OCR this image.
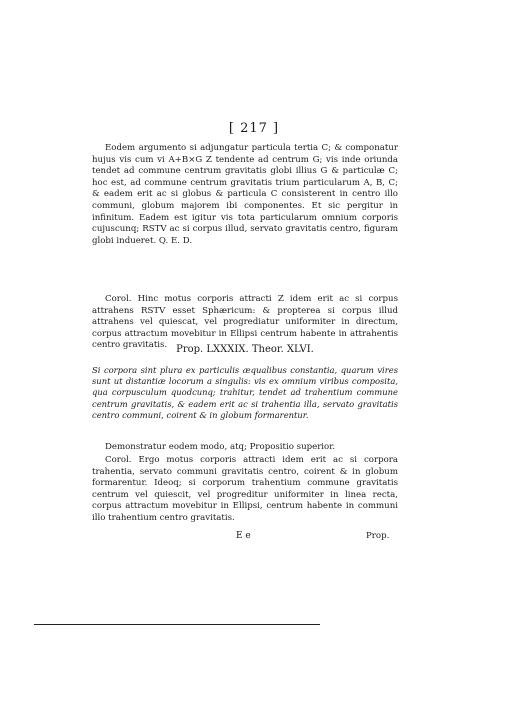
[ 217 ]

Eodem argumento si adjungatur particula tertia C; & componatur hujus vis cum vi A+B×G Z tendente ad centrum G; vis inde oriunda tendet ad commune centrum gravitatis globi illius G & particulæ C; hoc est, ad commune centrum gravitatis trium particularum A, B, C; & eadem erit ac si globus & particula C consisterent in centro illo communi, globum majorem ibi componentes. Et sic pergitur in infinitum. Eadem est igitur vis tota particularum omnium corporis cujuscunq; RSTV ac si corpus illud, servato gravitatis centro, figuram globi indueret. Q. E. D.

Corol. Hinc motus corporis attracti Z idem erit ac si corpus attrahens RSTV esset Sphæricum: & propterea si corpus illud attrahens vel quiescat, vel progrediatur uniformiter in directum, corpus attractum movebitur in Ellipsi centrum habente in attrahentis centro gravitatis. Prop. LXXXIX. Theor. XLVI.

Si corpora sint plura ex particulis æqualibus constantia, quarum vires sunt ut distantiæ locorum a singulis: vis ex omnium viribus composita, qua corpusculum quodcunq; trahitur, tendet ad trahentium commune centrum gravitatis, & eadem erit ac si trahentia illa, servato gravitatis centro communi, coirent & in globum formarentur.

Demonstratur eodem modo, atq; Propositio superior.

Corol. Ergo motus corporis attracti idem erit ac si corpora trahentia, servato communi gravitatis centro, coirent & in globum formarentur. Ideoq; si corporum trahentium commune gravitatis centrum vel quiescit, vel progreditur uniformiter in linea recta, corpus attractum movebitur in Ellipsi, centrum habente in communi illo trahentium centro gravitatis.

E e	Prop.
